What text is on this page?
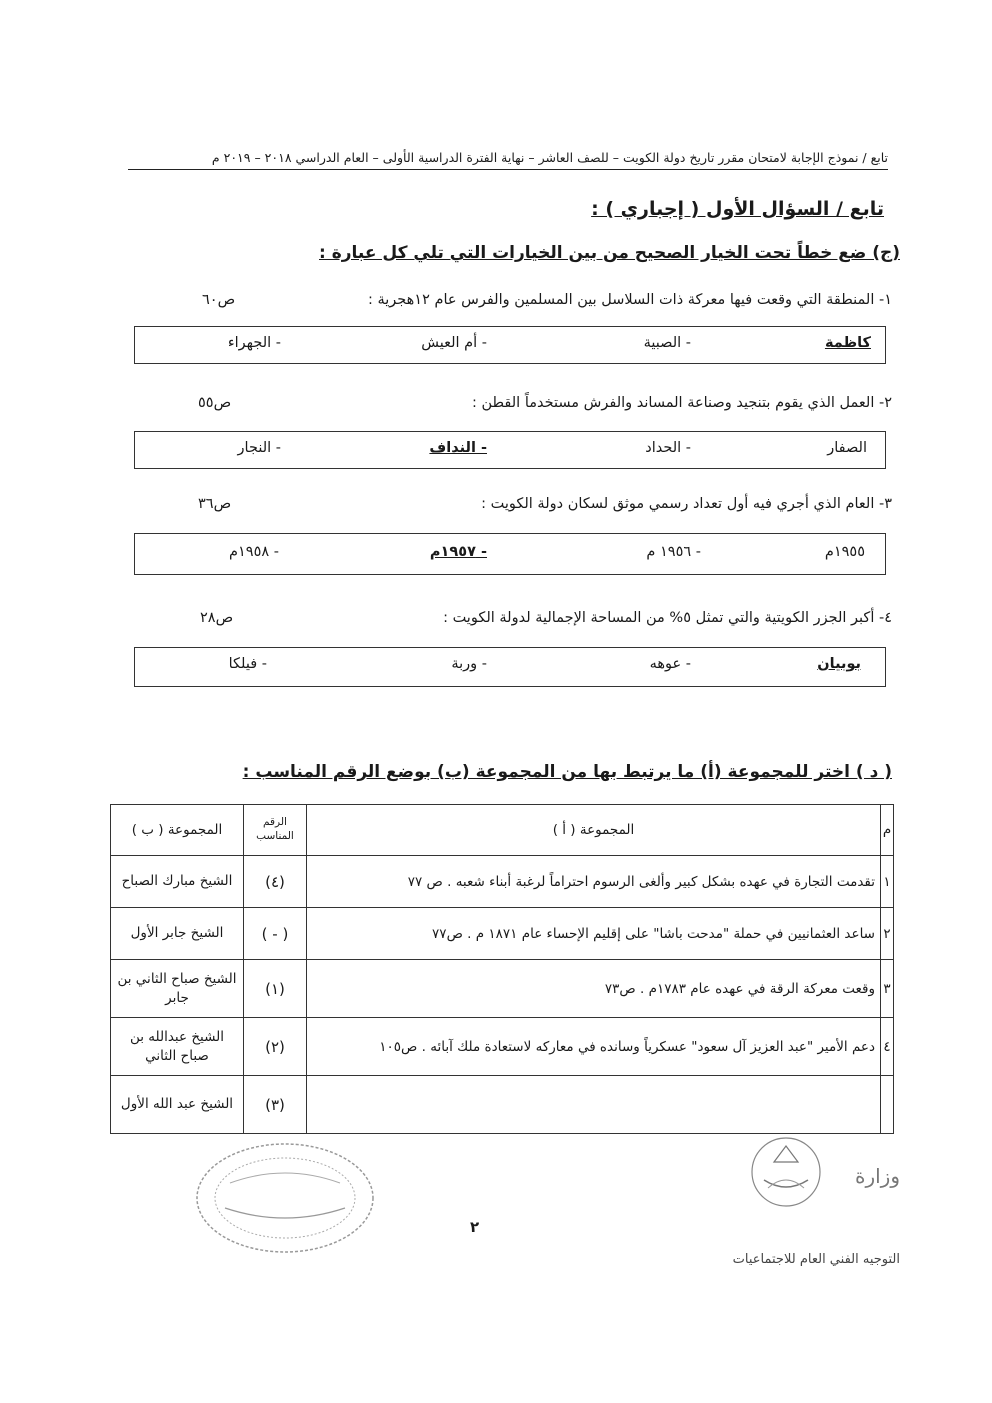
تابع / نموذج الإجابة لامتحان مقرر تاريخ دولة الكويت – للصف العاشر – نهاية الفترة الدراسية الأولى – العام الدراسي ٢٠١٨ – ٢٠١٩ م
تابع / السؤال الأول ( إجباري ) :
(ج) ضع خطاً تحت الخيار الصحيح من بين الخيارات التي تلي كل عبارة :
١- المنطقة التي وقعت فيها معركة ذات السلاسل بين المسلمين والفرس عام ١٢هجرية :
ص٦٠
كاظمة
- الصبية
- أم العيش
- الجهراء
٢- العمل الذي يقوم بتنجيد وصناعة المساند والفرش مستخدماً القطن :
ص٥٥
الصفار
- الحداد
- النداف
- النجار
٣- العام الذي أجري فيه أول تعداد رسمي موثق لسكان دولة الكويت :
ص٣٦
١٩٥٥م
- ١٩٥٦ م
- ١٩٥٧م
- ١٩٥٨م
٤- أكبر الجزر الكويتية والتي تمثل ٥% من المساحة الإجمالية لدولة الكويت :
ص٢٨
بوبيان
- عوهه
- وربة
- فيلكا
( د ) اختر للمجموعة (أ) ما يرتبط بها من المجموعة (ب) بوضع الرقم المناسب :
م	المجموعة ( أ )	الرقم المناسب	المجموعة ( ب )
١	تقدمت التجارة في عهده بشكل كبير وألغى الرسوم احتراماً لرغبة أبناء شعبه . ص ٧٧	(٤)	الشيخ مبارك الصباح
٢	ساعد العثمانيين في حملة "مدحت باشا" على إقليم الإحساء عام ١٨٧١ م . ص٧٧	( - )	الشيخ جابر الأول
٣	وقعت معركة الرقة في عهده عام ١٧٨٣م . ص٧٣	(١)	الشيخ صباح الثاني بن جابر
٤	دعم الأمير "عبد العزيز آل سعود" عسكرياً وسانده في معاركه لاستعادة ملك آبائه . ص١٠٥	(٢)	الشيخ عبدالله بن صباح الثاني
		(٣)	الشيخ عبد الله الأول
وزارة
٢
التوجيه الفني العام للاجتماعيات
